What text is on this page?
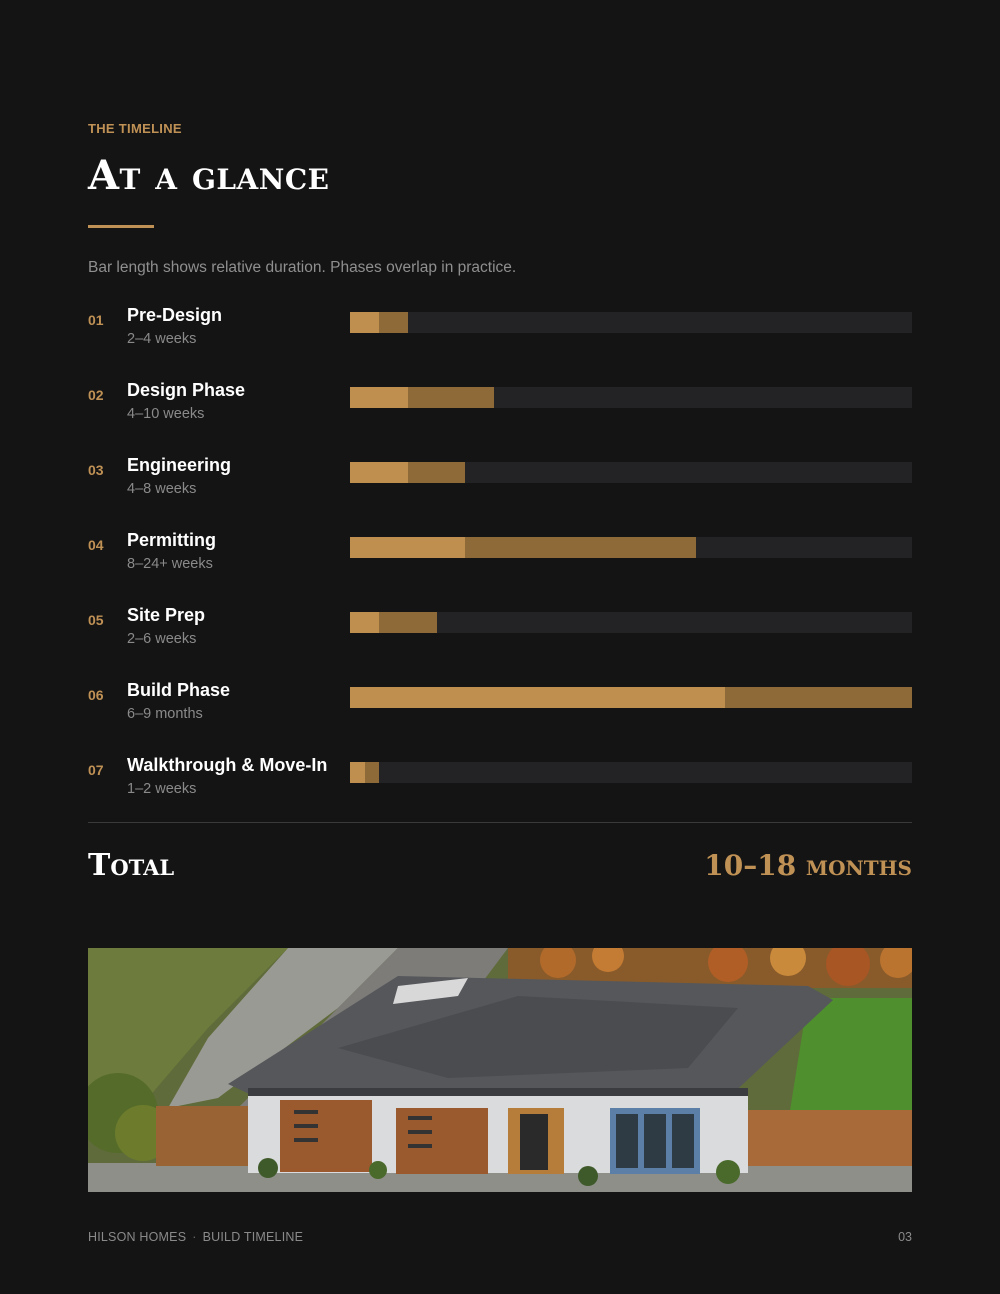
THE TIMELINE
At a glance
Bar length shows relative duration. Phases overlap in practice.
01 Pre-Design
2–4 weeks
02 Design Phase
4–10 weeks
03 Engineering
4–8 weeks
04 Permitting
8–24+ weeks
05 Site Prep
2–6 weeks
06 Build Phase
6–9 months
07 Walkthrough & Move-In
1–2 weeks
Total	10–18 months
HILSON HOMES · BUILD TIMELINE	03
